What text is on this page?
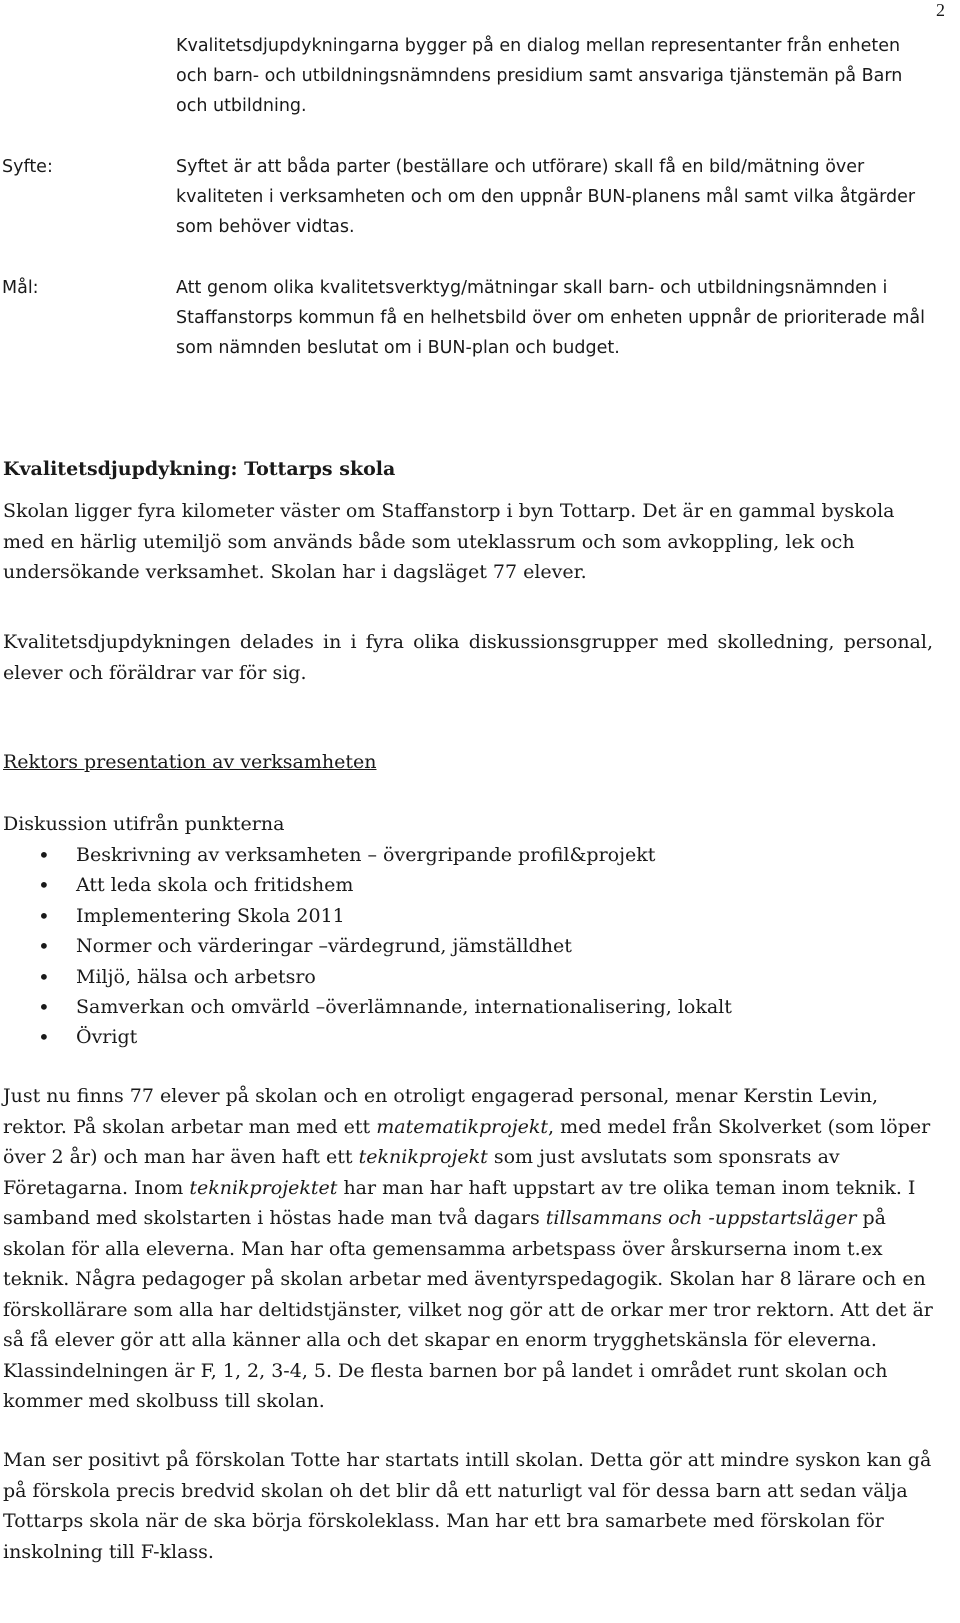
2

Kvalitetsdjupdykningarna bygger på en dialog mellan representanter från enheten och barn- och utbildningsnämndens presidium samt ansvariga tjänstemän på Barn och utbildning.

Syfte:	Syftet är att båda parter (beställare och utförare) skall få en bild/mätning över kvaliteten i verksamheten och om den uppnår BUN-planens mål samt vilka åtgärder som behöver vidtas.

Mål:	Att genom olika kvalitetsverktyg/mätningar skall barn- och utbildningsnämnden i Staffanstorps kommun få en helhetsbild över om enheten uppnår de prioriterade mål som nämnden beslutat om i BUN-plan och budget.

Kvalitetsdjupdykning: Tottarps skola

Skolan ligger fyra kilometer väster om Staffanstorp i byn Tottarp. Det är en gammal byskola med en härlig utemiljö som används både som uteklassrum och som avkoppling, lek och undersökande verksamhet. Skolan har i dagsläget 77 elever.

Kvalitetsdjupdykningen delades in i fyra olika diskussionsgrupper med skolledning, personal, elever och föräldrar var för sig.

Rektors presentation av verksamheten

Diskussion utifrån punkterna

• Beskrivning av verksamheten – övergripande profil&projekt
• Att leda skola och fritidshem
• Implementering Skola 2011
• Normer och värderingar –värdegrund, jämställdhet
• Miljö, hälsa och arbetsro
• Samverkan och omvärld –överlämnande, internationalisering, lokalt
• Övrigt

Just nu finns 77 elever på skolan och en otroligt engagerad personal, menar Kerstin Levin, rektor. På skolan arbetar man med ett matematikprojekt, med medel från Skolverket (som löper över 2 år) och man har även haft ett teknikprojekt som just avslutats som sponsrats av Företagarna. Inom teknikprojektet har man har haft uppstart av tre olika teman inom teknik. I samband med skolstarten i höstas hade man två dagars tillsammans och -uppstartsläger på skolan för alla eleverna. Man har ofta gemensamma arbetspass över årskurserna inom t.ex teknik. Några pedagoger på skolan arbetar med äventyrspedagogik. Skolan har 8 lärare och en förskollärare som alla har deltidstjänster, vilket nog gör att de orkar mer tror rektorn. Att det är så få elever gör att alla känner alla och det skapar en enorm trygghetskänsla för eleverna. Klassindelningen är F, 1, 2, 3-4, 5. De flesta barnen bor på landet i området runt skolan och kommer med skolbuss till skolan.

Man ser positivt på förskolan Totte har startats intill skolan. Detta gör att mindre syskon kan gå på förskola precis bredvid skolan oh det blir då ett naturligt val för dessa barn att sedan välja Tottarps skola när de ska börja förskoleklass. Man har ett bra samarbete med förskolan för inskolning till F-klass.
